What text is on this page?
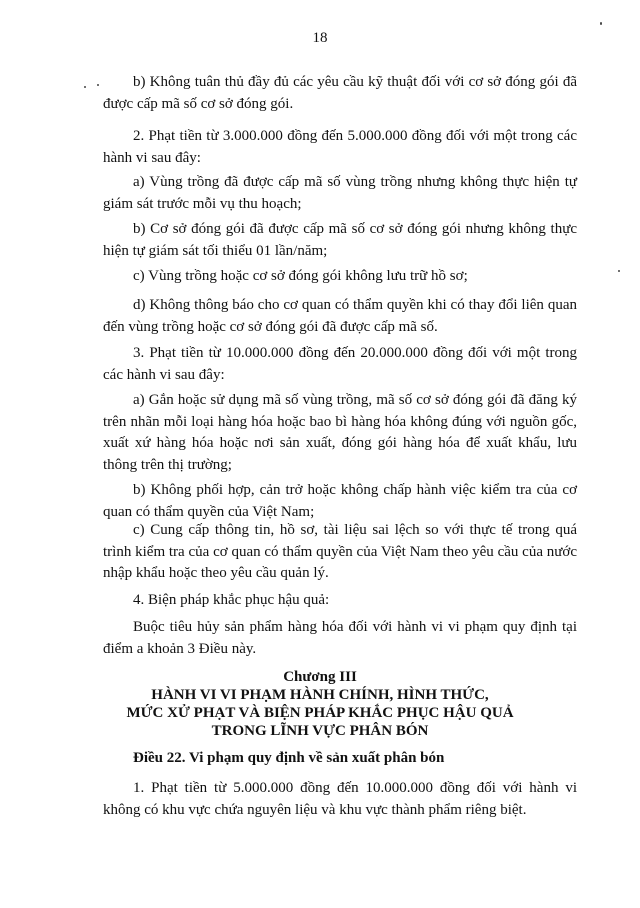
18
b) Không tuân thủ đầy đủ các yêu cầu kỹ thuật đối với cơ sở đóng gói đã được cấp mã số cơ sở đóng gói.
2. Phạt tiền từ 3.000.000 đồng đến 5.000.000 đồng đối với một trong các hành vi sau đây:
a) Vùng trồng đã được cấp mã số vùng trồng nhưng không thực hiện tự giám sát trước mỗi vụ thu hoạch;
b) Cơ sở đóng gói đã được cấp mã số cơ sở đóng gói nhưng không thực hiện tự giám sát tối thiểu 01 lần/năm;
c) Vùng trồng hoặc cơ sở đóng gói không lưu trữ hồ sơ;
d) Không thông báo cho cơ quan có thẩm quyền khi có thay đổi liên quan đến vùng trồng hoặc cơ sở đóng gói đã được cấp mã số.
3. Phạt tiền từ 10.000.000 đồng đến 20.000.000 đồng đối với một trong các hành vi sau đây:
a) Gắn hoặc sử dụng mã số vùng trồng, mã số cơ sở đóng gói đã đăng ký trên nhãn mỗi loại hàng hóa hoặc bao bì hàng hóa không đúng với nguồn gốc, xuất xứ hàng hóa hoặc nơi sản xuất, đóng gói hàng hóa để xuất khẩu, lưu thông trên thị trường;
b) Không phối hợp, cản trở hoặc không chấp hành việc kiểm tra của cơ quan có thẩm quyền của Việt Nam;
c) Cung cấp thông tin, hồ sơ, tài liệu sai lệch so với thực tế trong quá trình kiểm tra của cơ quan có thẩm quyền của Việt Nam theo yêu cầu của nước nhập khẩu hoặc theo yêu cầu quản lý.
4. Biện pháp khắc phục hậu quả:
Buộc tiêu hủy sản phẩm hàng hóa đối với hành vi vi phạm quy định tại điểm a khoản 3 Điều này.
Chương III
HÀNH VI VI PHẠM HÀNH CHÍNH, HÌNH THỨC,
MỨC XỬ PHẠT VÀ BIỆN PHÁP KHẮC PHỤC HẬU QUẢ
TRONG LĨNH VỰC PHÂN BÓN
Điều 22. Vi phạm quy định về sản xuất phân bón
1. Phạt tiền từ 5.000.000 đồng đến 10.000.000 đồng đối với hành vi không có khu vực chứa nguyên liệu và khu vực thành phẩm riêng biệt.
